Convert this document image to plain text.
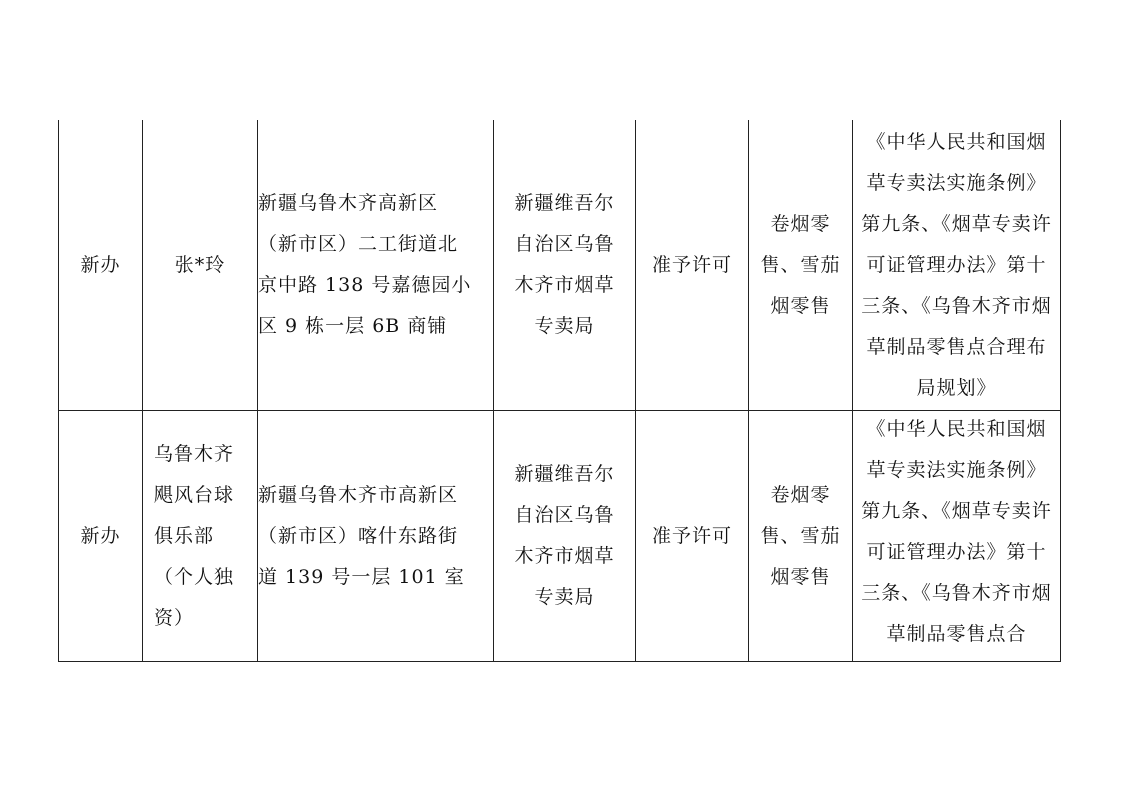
新办	张*玲	新疆乌鲁木齐高新区（新市区）二工街道北京中路 138 号嘉德园小区 9 栋一层 6B 商铺	新疆维吾尔自治区乌鲁木齐市烟草专卖局	准予许可	卷烟零售、雪茄烟零售	《中华人民共和国烟草专卖法实施条例》第九条、《烟草专卖许可证管理办法》第十三条、《乌鲁木齐市烟草制品零售点合理布局规划》

新办	乌鲁木齐飓风台球俱乐部（个人独资）	新疆乌鲁木齐市高新区（新市区）喀什东路街道 139 号一层 101 室	新疆维吾尔自治区乌鲁木齐市烟草专卖局	准予许可	卷烟零售、雪茄烟零售	《中华人民共和国烟草专卖法实施条例》第九条、《烟草专卖许可证管理办法》第十三条、《乌鲁木齐市烟草制品零售点合
